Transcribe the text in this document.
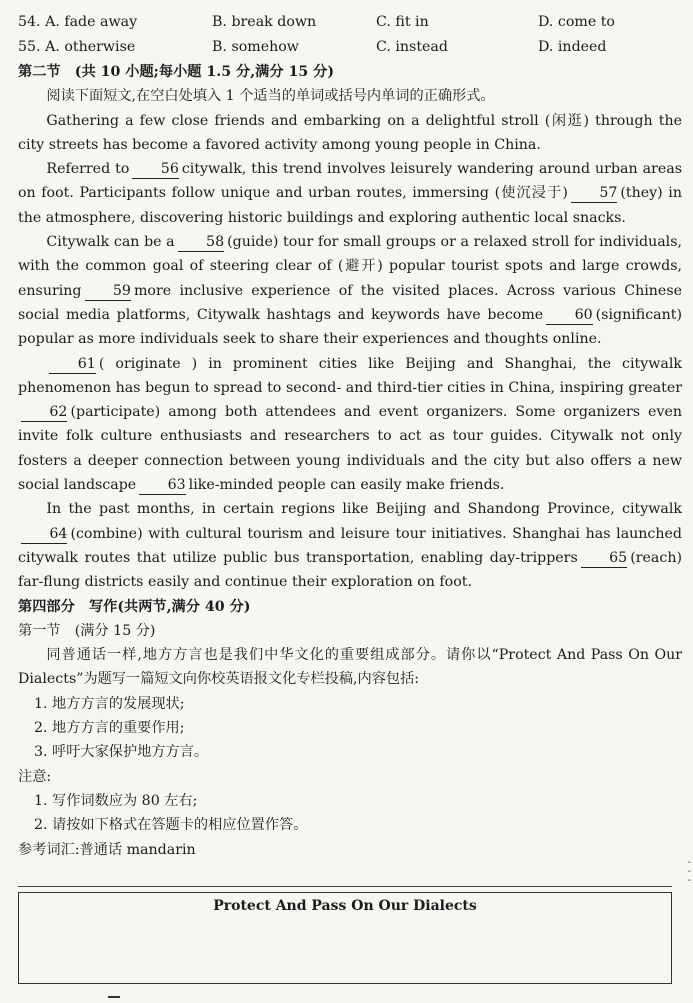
54. A. fade away	B. break down	C. fit in	D. come to
55. A. otherwise	B. somehow	C. instead	D. indeed

第二节　(共 10 小题;每小题 1.5 分,满分 15 分)

阅读下面短文,在空白处填入 1 个适当的单词或括号内单词的正确形式。

Gathering a few close friends and embarking on a delightful stroll (闲逛) through the city streets has become a favored activity among young people in China.

Referred to 56 citywalk, this trend involves leisurely wandering around urban areas on foot. Participants follow unique and urban routes, immersing (使沉浸于) 57 (they) in the atmosphere, discovering historic buildings and exploring authentic local snacks.

Citywalk can be a 58 (guide) tour for small groups or a relaxed stroll for individuals, with the common goal of steering clear of (避开) popular tourist spots and large crowds, ensuring 59 more inclusive experience of the visited places. Across various Chinese social media platforms, Citywalk hashtags and keywords have become 60 (significant) popular as more individuals seek to share their experiences and thoughts online.

61 ( originate ) in prominent cities like Beijing and Shanghai, the citywalk phenomenon has begun to spread to second- and third-tier cities in China, inspiring greater62 (participate) among both attendees and event organizers. Some organizers even invite folk culture enthusiasts and researchers to act as tour guides. Citywalk not only fosters a deeper connection between young individuals and the city but also offers a new social landscape 63 like-minded people can easily make friends.

In the past months, in certain regions like Beijing and Shandong Province, citywalk64 (combine) with cultural tourism and leisure tour initiatives. Shanghai has launched citywalk routes that utilize public bus transportation, enabling day-trippers 65 (reach) far-flung districts easily and continue their exploration on foot.

第四部分　写作(共两节,满分 40 分)

第一节　(满分 15 分)

同普通话一样,地方方言也是我们中华文化的重要组成部分。请你以“Protect And Pass On Our Dialects”为题写一篇短文向你校英语报文化专栏投稿,内容包括:

1. 地方方言的发展现状;

2. 地方方言的重要作用;

3. 呼吁大家保护地方方言。

注意:

1. 写作词数应为 80 左右;

2. 请按如下格式在答题卡的相应位置作答。

参考词汇:普通话 mandarin

Protect And Pass On Our Dialects
-
-
-
